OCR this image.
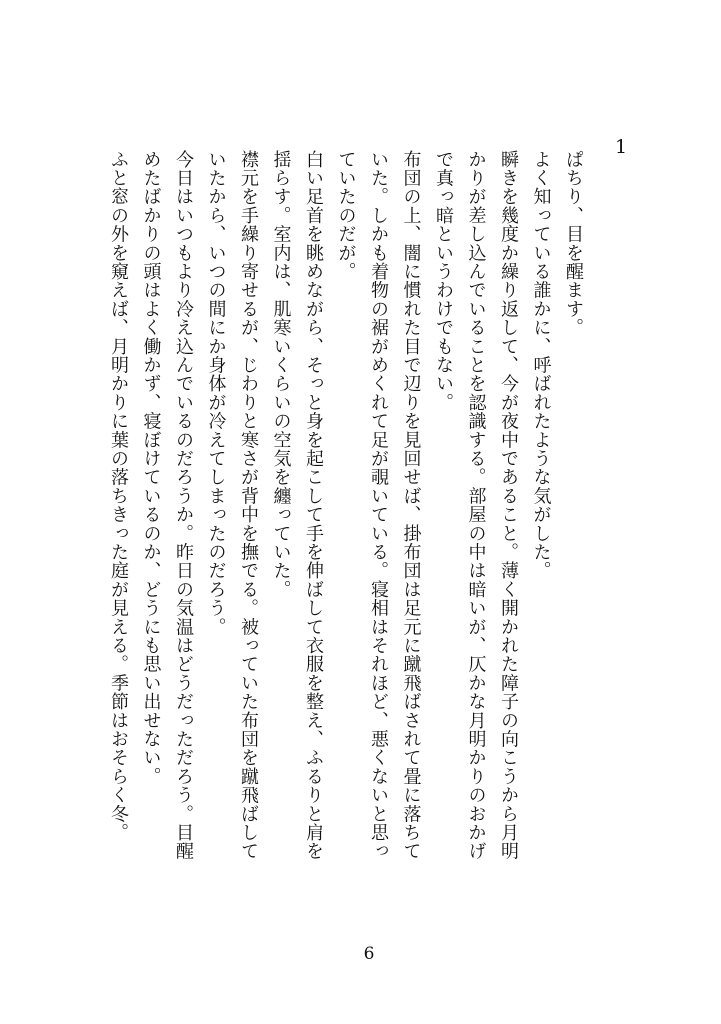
1

ぱちり、目を醒ます。

よく知っている誰かに、呼ばれたような気がした。

瞬きを幾度か繰り返して、今が夜中であること。薄く開かれた障子の向こうから月明かりが差し込んでいることを認識する。部屋の中は暗いが、仄かな月明かりのおかげで真っ暗というわけでもない。

布団の上、闇に慣れた目で辺りを見回せば、掛布団は足元に蹴飛ばされて畳に落ちていた。しかも着物の裾がめくれて足が覗いている。寝相はそれほど、悪くないと思っていたのだが。

白い足首を眺めながら、そっと身を起こして手を伸ばして衣服を整え、ふるりと肩を揺らす。室内は、肌寒いくらいの空気を纏っていた。

襟元を手繰り寄せるが、じわりと寒さが背中を撫でる。被っていた布団を蹴飛ばしていたから、いつの間にか身体が冷えてしまったのだろう。

今日はいつもより冷え込んでいるのだろうか。昨日の気温はどうだっただろう。目醒めたばかりの頭はよく働かず、寝ぼけているのか、どうにも思い出せない。

ふと窓の外を窺えば、月明かりに葉の落ちきった庭が見える。季節はおそらく冬。

6
